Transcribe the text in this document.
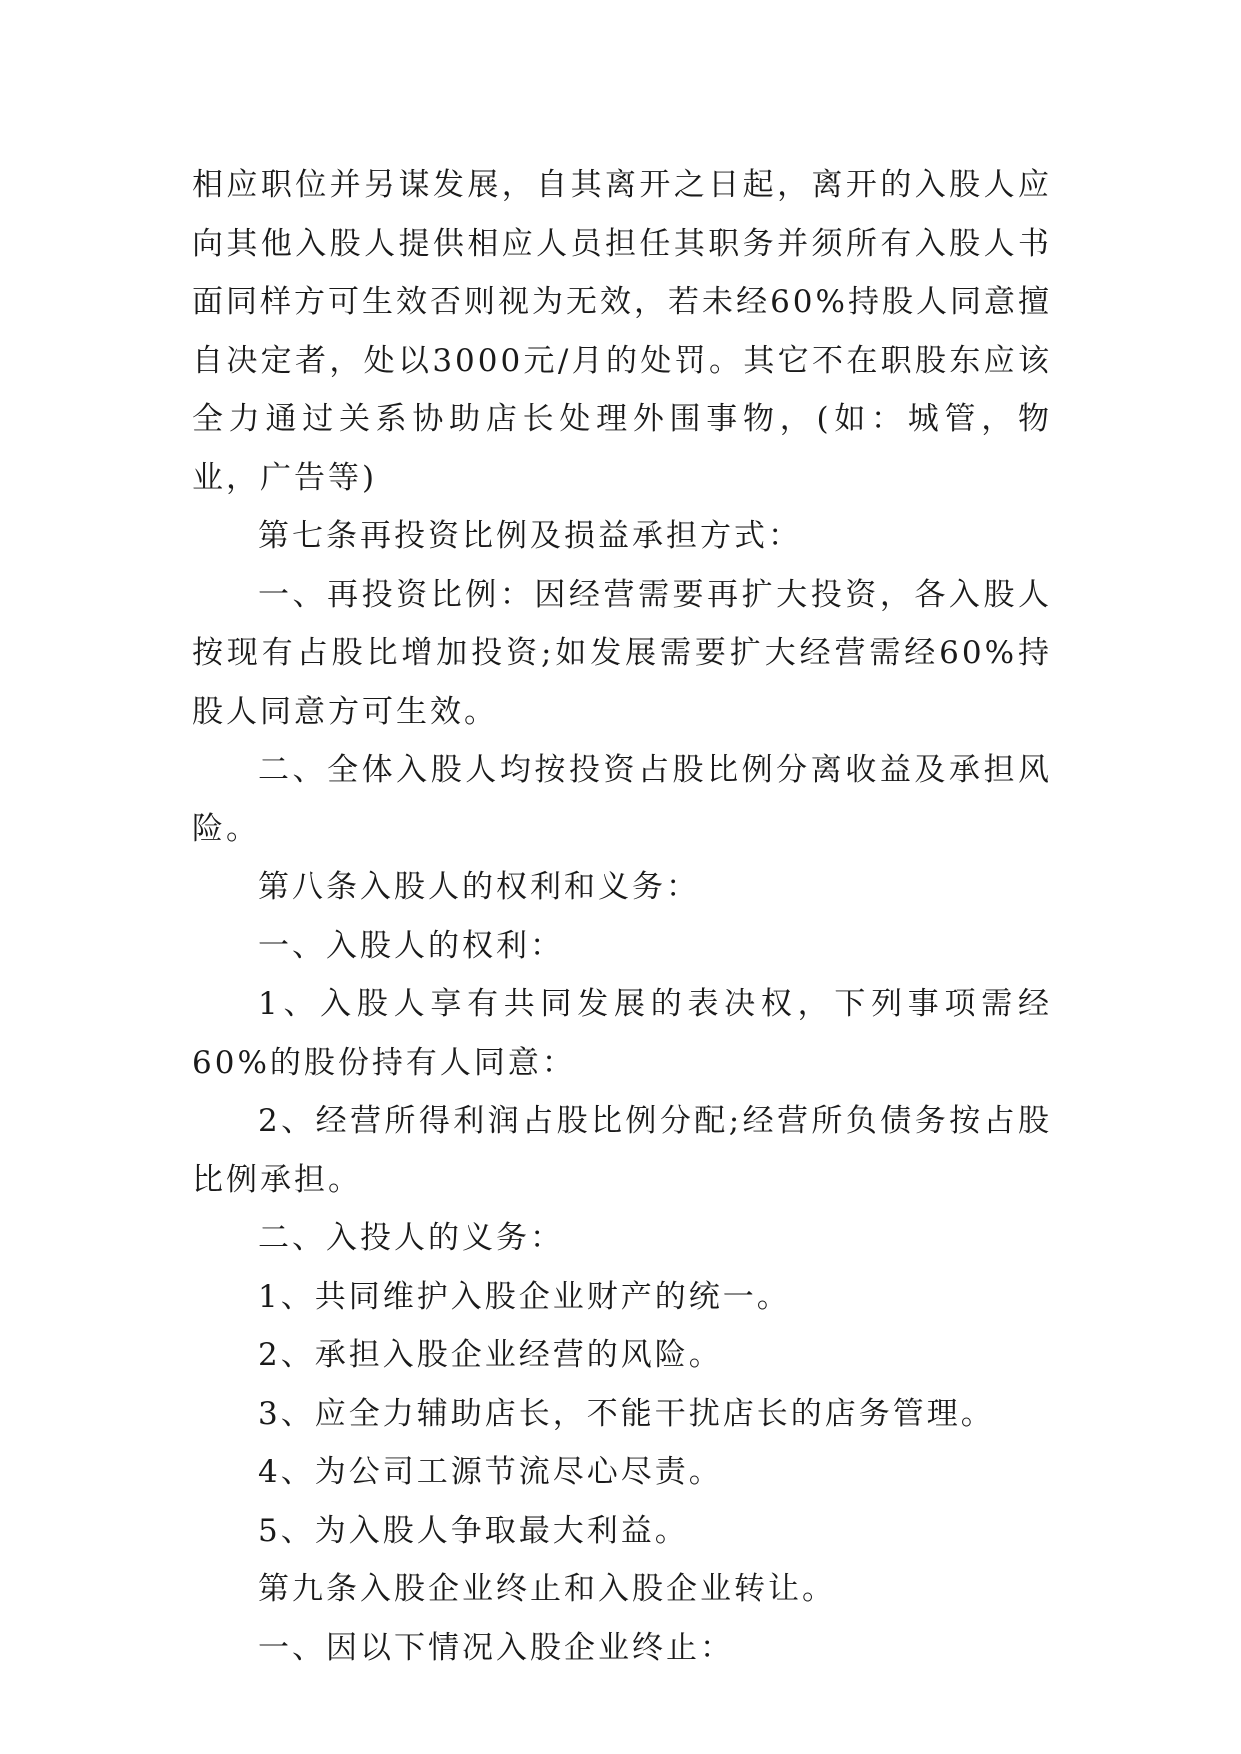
相应职位并另谋发展，自其离开之日起，离开的入股人应向其他入股人提供相应人员担任其职务并须所有入股人书面同样方可生效否则视为无效，若未经60%持股人同意擅自决定者，处以3000元/月的处罚。其它不在职股东应该全力通过关系协助店长处理外围事物，(如：城管，物业，广告等)

第七条再投资比例及损益承担方式：

一、再投资比例：因经营需要再扩大投资，各入股人按现有占股比增加投资;如发展需要扩大经营需经60%持股人同意方可生效。

二、全体入股人均按投资占股比例分离收益及承担风险。

第八条入股人的权利和义务：

一、入股人的权利：

1、入股人享有共同发展的表决权，下列事项需经60%的股份持有人同意：

2、经营所得利润占股比例分配;经营所负债务按占股比例承担。

二、入投人的义务：

1、共同维护入股企业财产的统一。

2、承担入股企业经营的风险。

3、应全力辅助店长，不能干扰店长的店务管理。

4、为公司工源节流尽心尽责。

5、为入股人争取最大利益。

第九条入股企业终止和入股企业转让。

一、因以下情况入股企业终止：
